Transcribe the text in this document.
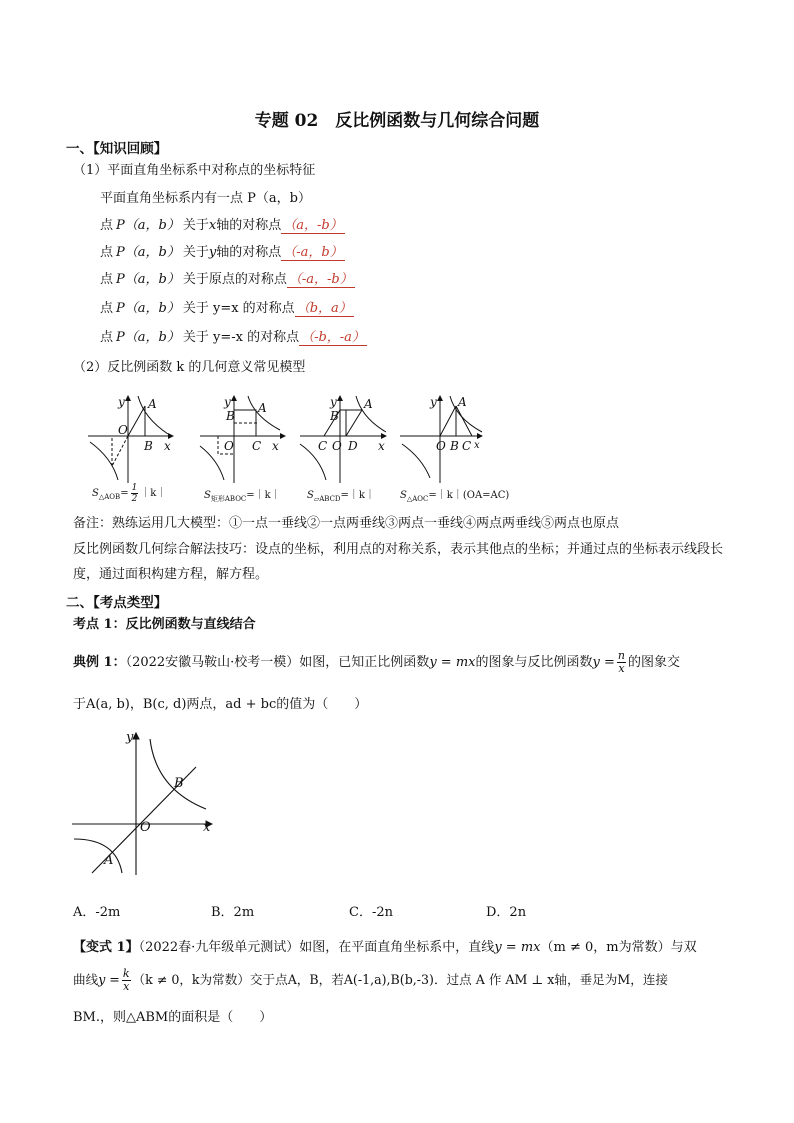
专题 02　反比例函数与几何综合问题
一、【知识回顾】
（1）平面直角坐标系中对称点的坐标特征
平面直角坐标系内有一点 P（a，b）
点 P（a，b） 关于x轴的对称点 （a，-b）
点 P（a，b） 关于y轴的对称点 （-a，b）
点 P（a，b） 关于原点的对称点 （-a，-b）
点 P（a，b） 关于 y=x 的对称点 （b，a）
点 P（a，b） 关于 y=-x 的对称点 （-b，-a）
（2）反比例函数 k 的几何意义常见模型
y A
O
B x
y
B
A
O C x
y
B
A
C O D x
y A
O B C x
$S_{\triangle AOB}= \frac{1}{2}$ ｜k｜	$S_{矩形ABOC}=|k|$	$S_{▱ABCD}=|k|$	$S_{\triangle AOC}=|k|(OA=AC)$
备注：熟练运用几大模型：①一点一垂线②一点两垂线③两点一垂线④两点两垂线⑤两点也原点
反比例函数几何综合解法技巧：设点的坐标，利用点的对称关系，表示其他点的坐标；并通过点的坐标表示线段长度，通过面积构建方程，解方程。
二、【考点类型】
考点 1：反比例函数与直线结合
典例 1：（2022安徽马鞍山·校考一模）如图，已知正比例函数y = mx的图象与反比例函数$y = \frac{n}{x}$ 的图象交
于A(a, b)，B(c, d)两点，ad + bc的值为（　　）
y
x
O
B
A
A．-2m	B．2m	C．-2n	D．2n
【变式 1】（2022春·九年级单元测试）如图，在平面直角坐标系中，直线y = mx（m ≠ 0，m为常数）与双
曲线$y = \frac{k}{x} (k \ne 0$，k为常数）交于点A，B，若A(-1,a),B(b,-3)．过点 A 作 AM ⊥ x轴，垂足为M，连接
BM.，则△ABM的面积是（　　）
